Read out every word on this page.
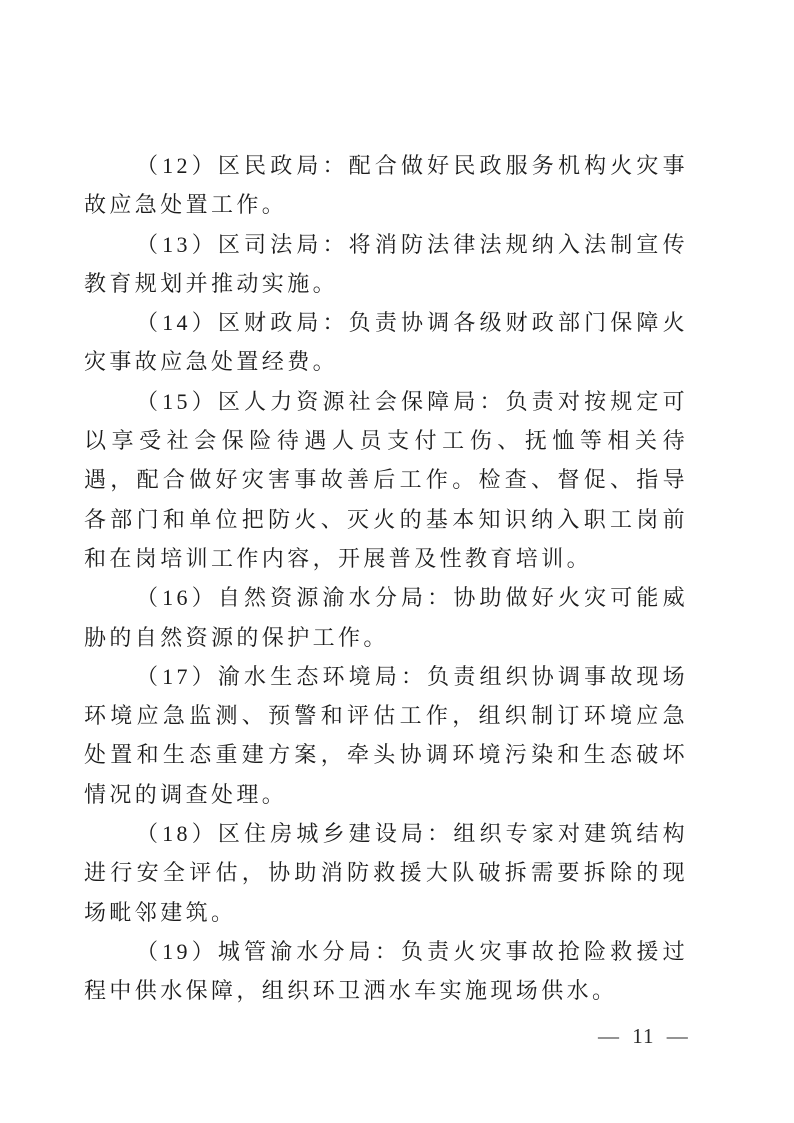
（12）区民政局：配合做好民政服务机构火灾事故应急处置工作。

（13）区司法局：将消防法律法规纳入法制宣传教育规划并推动实施。

（14）区财政局：负责协调各级财政部门保障火灾事故应急处置经费。

（15）区人力资源社会保障局：负责对按规定可以享受社会保险待遇人员支付工伤、抚恤等相关待遇，配合做好灾害事故善后工作。检查、督促、指导各部门和单位把防火、灭火的基本知识纳入职工岗前和在岗培训工作内容，开展普及性教育培训。

（16）自然资源渝水分局：协助做好火灾可能威胁的自然资源的保护工作。

（17）渝水生态环境局：负责组织协调事故现场环境应急监测、预警和评估工作，组织制订环境应急处置和生态重建方案，牵头协调环境污染和生态破坏情况的调查处理。

（18）区住房城乡建设局：组织专家对建筑结构进行安全评估，协助消防救援大队破拆需要拆除的现场毗邻建筑。

（19）城管渝水分局：负责火灾事故抢险救援过程中供水保障，组织环卫洒水车实施现场供水。

— 11 —
